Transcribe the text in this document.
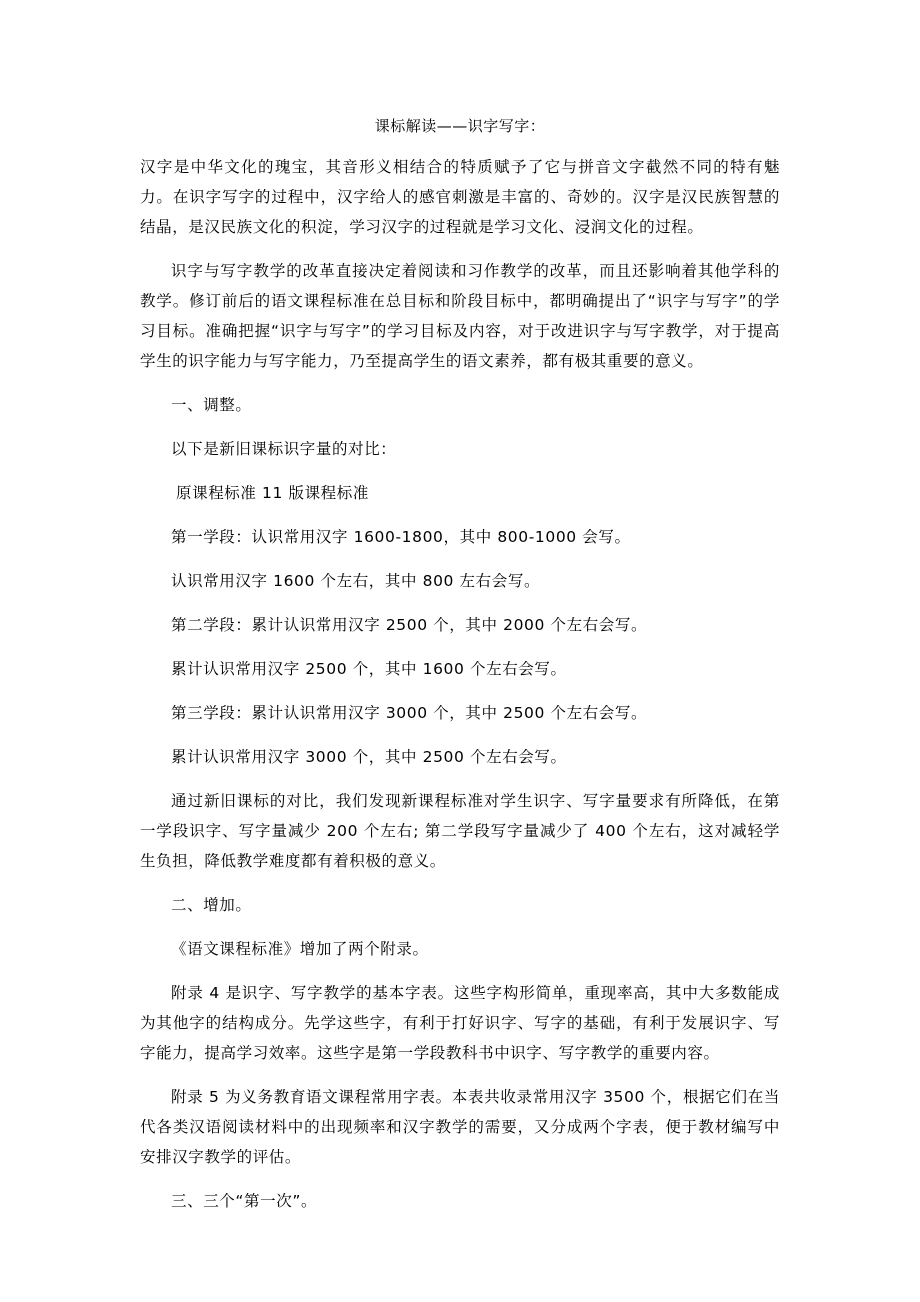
课标解读——识字写字：
汉字是中华文化的瑰宝，其音形义相结合的特质赋予了它与拼音文字截然不同的特有魅力。在识字写字的过程中，汉字给人的感官刺激是丰富的、奇妙的。汉字是汉民族智慧的结晶，是汉民族文化的积淀，学习汉字的过程就是学习文化、浸润文化的过程。
识字与写字教学的改革直接决定着阅读和习作教学的改革，而且还影响着其他学科的教学。修订前后的语文课程标准在总目标和阶段目标中，都明确提出了“识字与写字”的学习目标。准确把握“识字与写字”的学习目标及内容，对于改进识字与写字教学，对于提高学生的识字能力与写字能力，乃至提高学生的语文素养，都有极其重要的意义。
一、调整。
以下是新旧课标识字量的对比：
原课程标准 11 版课程标准
第一学段：认识常用汉字 1600-1800，其中 800-1000 会写。
认识常用汉字 1600 个左右，其中 800 左右会写。
第二学段：累计认识常用汉字 2500 个，其中 2000 个左右会写。
累计认识常用汉字 2500 个，其中 1600 个左右会写。
第三学段：累计认识常用汉字 3000 个，其中 2500 个左右会写。
累计认识常用汉字 3000 个，其中 2500 个左右会写。
通过新旧课标的对比，我们发现新课程标准对学生识字、写字量要求有所降低，在第一学段识字、写字量减少 200 个左右; 第二学段写字量减少了 400 个左右，这对减轻学生负担，降低教学难度都有着积极的意义。
二、增加。
《语文课程标准》增加了两个附录。
附录 4 是识字、写字教学的基本字表。这些字构形简单，重现率高，其中大多数能成为其他字的结构成分。先学这些字，有利于打好识字、写字的基础，有利于发展识字、写字能力，提高学习效率。这些字是第一学段教科书中识字、写字教学的重要内容。
附录 5 为义务教育语文课程常用字表。本表共收录常用汉字 3500 个，根据它们在当代各类汉语阅读材料中的出现频率和汉字教学的需要，又分成两个字表，便于教材编写中安排汉字教学的评估。
三、三个“第一次”。
